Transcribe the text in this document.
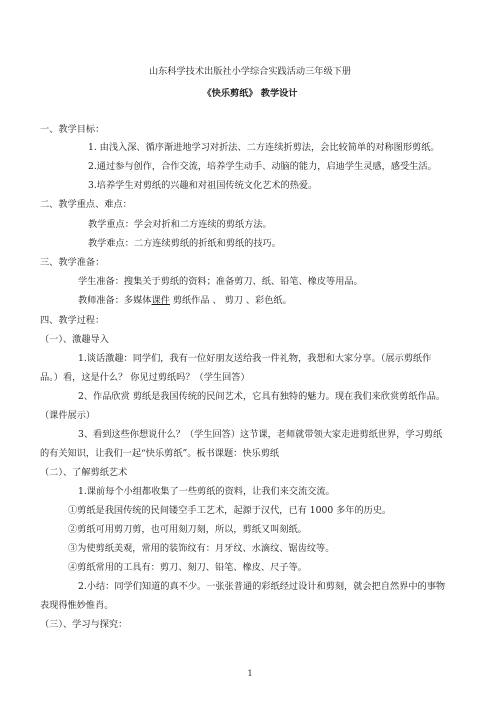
山东科学技术出版社小学综合实践活动三年级下册
《快乐剪纸》 教学设计
一、教学目标：
1. 由浅入深、循序渐进地学习对折法、二方连续折剪法，会比较简单的对称图形剪纸。
2.通过参与创作，合作交流，培养学生动手、动脑的能力，启迪学生灵感，感受生活。
3.培养学生对剪纸的兴趣和对祖国传统文化艺术的热爱。
二、教学重点、难点：
教学重点：学会对折和二方连续的剪纸方法。
教学难点：二方连续剪纸的折纸和剪纸的技巧。
三、教学准备：
学生准备：搜集关于剪纸的资料；准备剪刀、纸、铅笔、橡皮等用品。
教师准备：多媒体课件 剪纸作品 、 剪刀 、彩色纸。
四、教学过程：
（一）、激趣导入
1.谈话激趣：同学们，我有一位好朋友送给我一件礼物，我想和大家分享。（展示剪纸作
品。）看，这是什么？ 你见过剪纸吗？（学生回答）
2、作品欣赏 剪纸是我国传统的民间艺术，它具有独特的魅力。现在我们来欣赏剪纸作品。
（课件展示）
3、看到这些你想说什么？（学生回答）这节课，老师就带领大家走进剪纸世界，学习剪纸
的有关知识，让我们一起“快乐剪纸”。板书课题：快乐剪纸
（二）、了解剪纸艺术
1.课前每个小组都收集了一些剪纸的资料，让我们来交流交流。
①剪纸是我国传统的民间镂空手工艺术，起源于汉代，已有 1000 多年的历史。
②剪纸可用剪刀剪，也可用刻刀刻，所以，剪纸又叫刻纸。
③为使剪纸美观，常用的装饰纹有：月牙纹、水滴纹、锯齿纹等。
④剪纸常用的工具有：剪刀、刻刀、铅笔、橡皮、尺子等。
2.小结：同学们知道的真不少。一张张普通的彩纸经过设计和剪刻，就会把自然界中的事物
表现得惟妙惟肖。
（三）、学习与探究：
1
